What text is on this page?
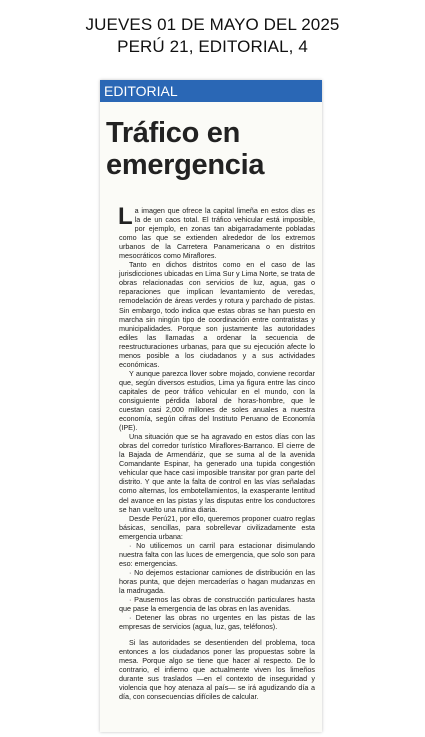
JUEVES 01 DE MAYO DEL 2025
PERÚ 21, EDITORIAL, 4
EDITORIAL
Tráfico en emergencia

La imagen que ofrece la capital limeña en estos días es la de un caos total. El tráfico vehicular está imposible, por ejemplo, en zonas tan abigarradamente pobladas como las que se extienden alrededor de los extremos urbanos de la Carretera Panamericana o en distritos mesocráticos como Miraflores.

Tanto en dichos distritos como en el caso de las jurisdicciones ubicadas en Lima Sur y Lima Norte, se trata de obras relacionadas con servicios de luz, agua, gas o reparaciones que implican levantamiento de veredas, remodelación de áreas verdes y rotura y parchado de pistas. Sin embargo, todo indica que estas obras se han puesto en marcha sin ningún tipo de coordinación entre contratistas y municipalidades. Porque son justamente las autoridades ediles las llamadas a ordenar la secuencia de reestructuraciones urbanas, para que su ejecución afecte lo menos posible a los ciudadanos y a sus actividades económicas.

Y aunque parezca llover sobre mojado, conviene recordar que, según diversos estudios, Lima ya figura entre las cinco capitales de peor tráfico vehicular en el mundo, con la consiguiente pérdida laboral de horas-hombre, que le cuestan casi 2,000 millones de soles anuales a nuestra economía, según cifras del Instituto Peruano de Economía (IPE).

Una situación que se ha agravado en estos días con las obras del corredor turístico Miraflores-Barranco. El cierre de la Bajada de Armendáriz, que se suma al de la avenida Comandante Espinar, ha generado una tupida congestión vehicular que hace casi imposible transitar por gran parte del distrito. Y que ante la falta de control en las vías señaladas como alternas, los embotellamientos, la exasperante lentitud del avance en las pistas y las disputas entre los conductores se han vuelto una rutina diaria.

Desde Perú21, por ello, queremos proponer cuatro reglas básicas, sencillas, para sobrellevar civilizadamente esta emergencia urbana:

· No utilicemos un carril para estacionar disimulando nuestra falta con las luces de emergencia, que solo son para eso: emergencias.

· No dejemos estacionar camiones de distribución en las horas punta, que dejen mercaderías o hagan mudanzas en la madrugada.

· Pausemos las obras de construcción particulares hasta que pase la emergencia de las obras en las avenidas.

· Detener las obras no urgentes en las pistas de las empresas de servicios (agua, luz, gas, teléfonos).

Si las autoridades se desentienden del problema, toca entonces a los ciudadanos poner las propuestas sobre la mesa. Porque algo se tiene que hacer al respecto. De lo contrario, el infierno que actualmente viven los limeños durante sus traslados —en el contexto de inseguridad y violencia que hoy atenaza al país— se irá agudizando día a día, con consecuencias difíciles de calcular.
